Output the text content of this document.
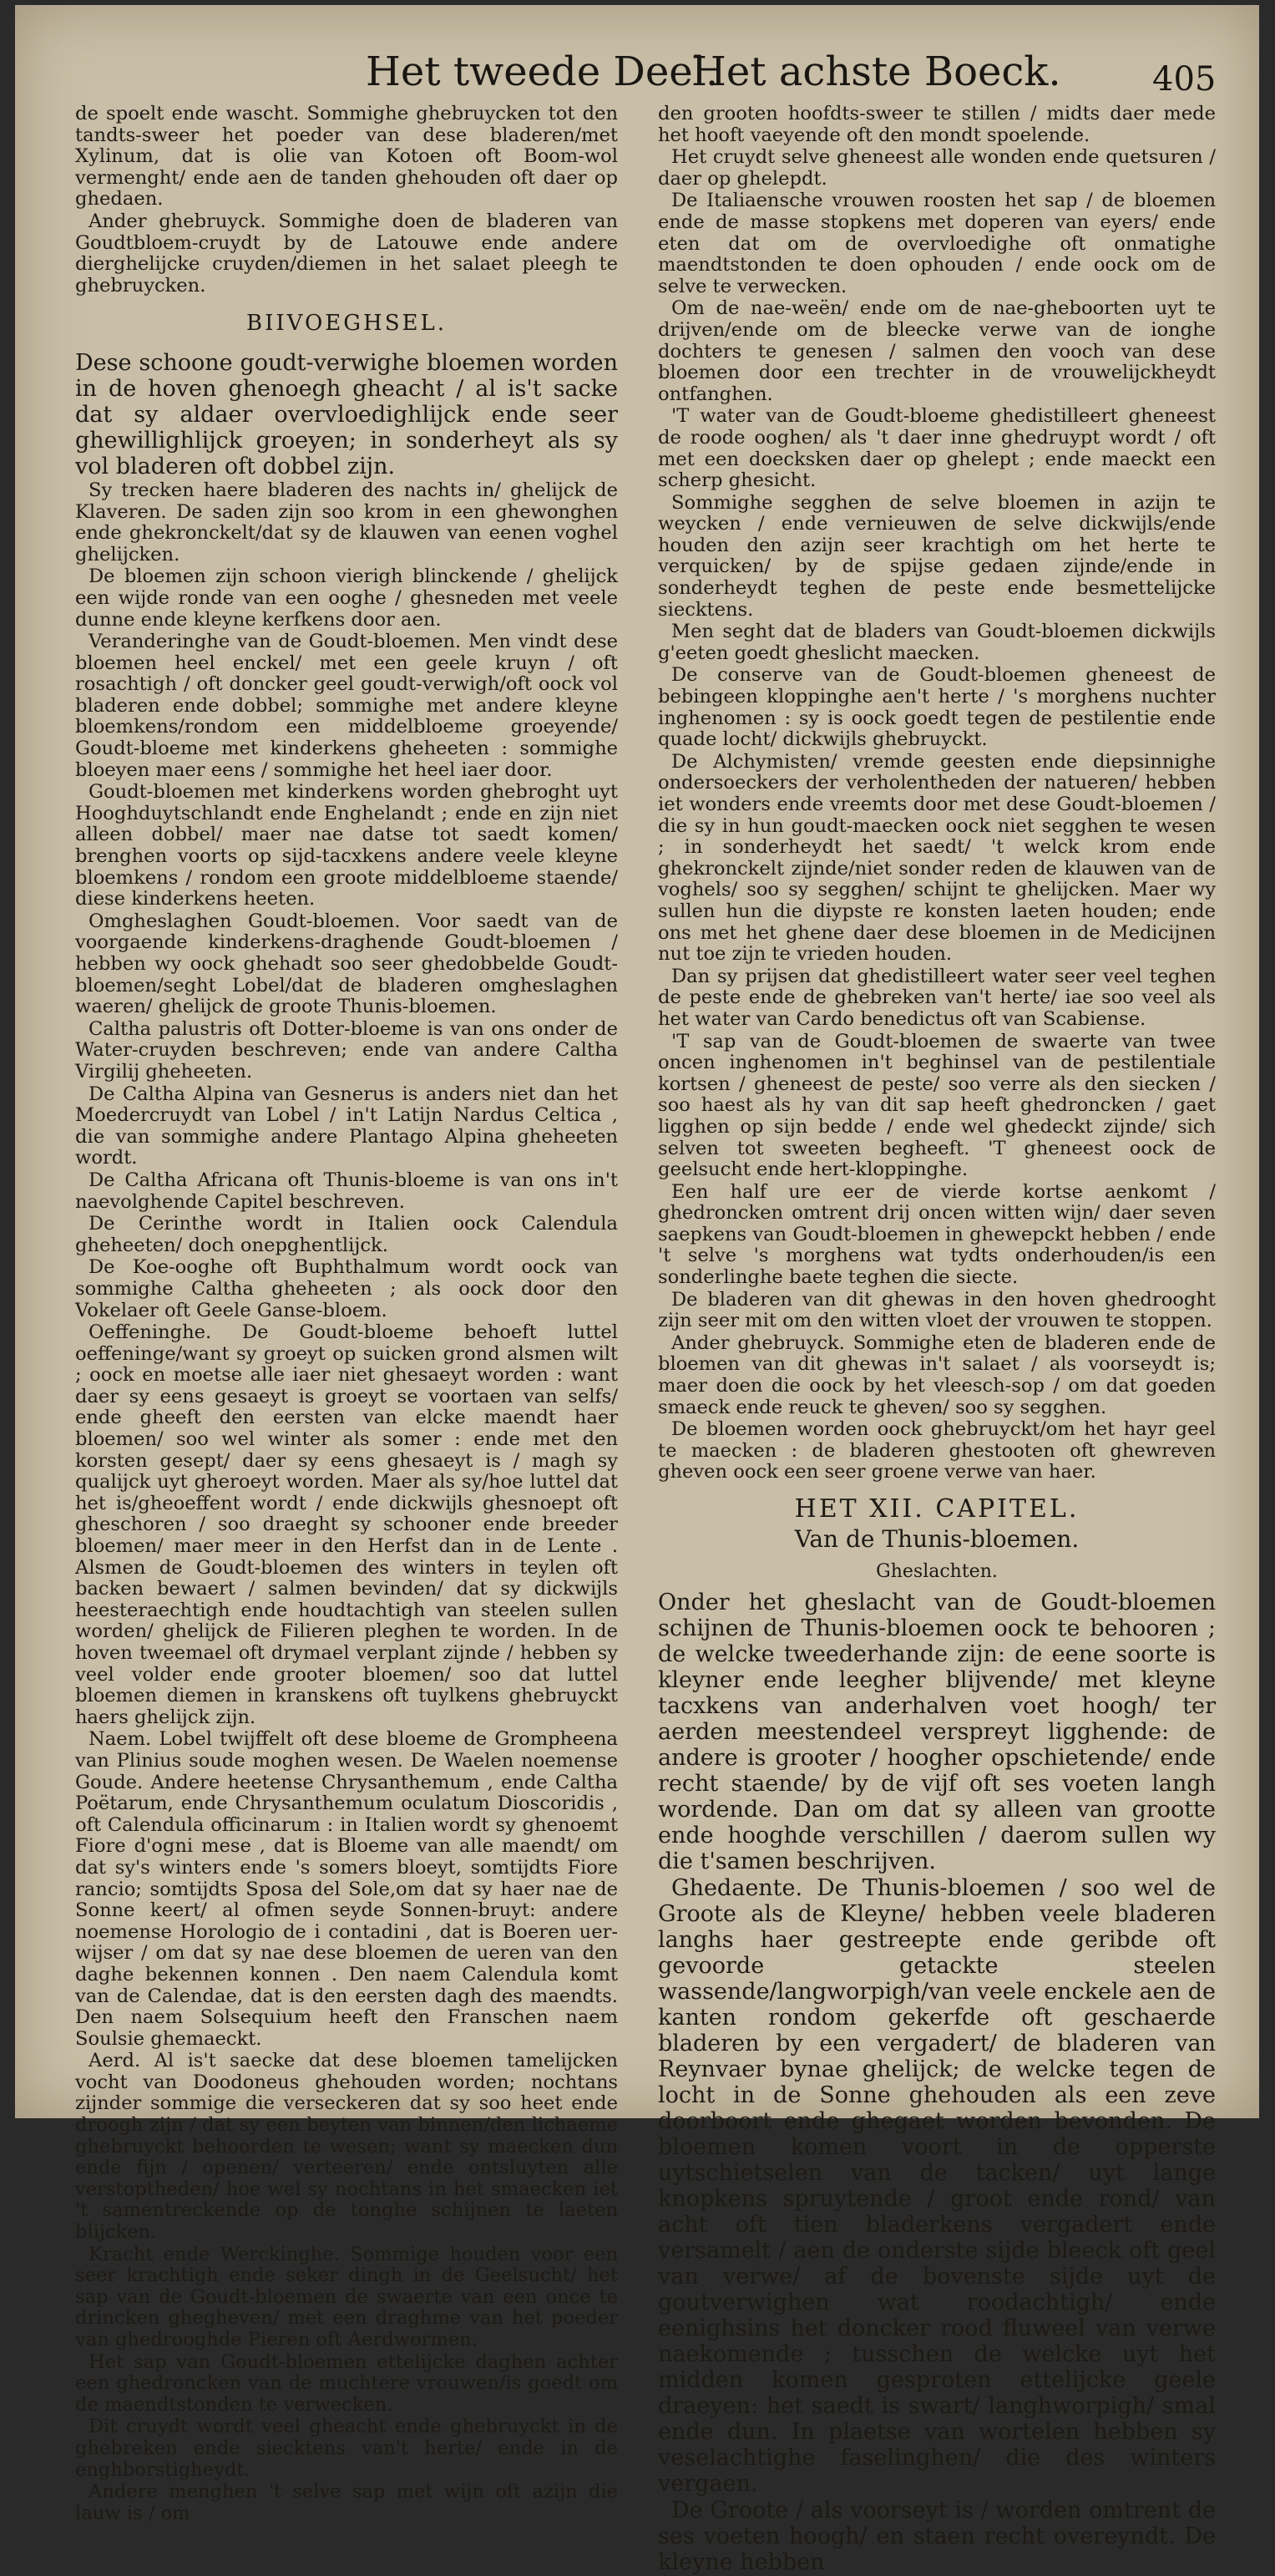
Het tweede Deel.
Het achste Boeck.	405

de spoelt ende wascht. Sommighe ghebruycken tot den tandts-sweer het poeder van dese bladeren/met Xylinum, dat is olie van Kotoen oft Boom-wol vermenght/ ende aen de tanden ghehouden oft daer op ghedaen.

Ander ghebruyck. Sommighe doen de bladeren van Goudtbloem-cruydt by de Latouwe ende andere dierghelijcke cruyden/diemen in het salaet pleegh te ghebruycken.

BIIVOEGHSEL.

Dese schoone goudt-verwighe bloemen worden in de hoven ghenoegh gheacht / al is't sacke dat sy aldaer overvloedighlijck ende seer ghewillighlijck groeyen; in sonderheyt als sy vol bladeren oft dobbel zijn.

Sy trecken haere bladeren des nachts in/ ghelijck de Klaveren. De saden zijn soo krom in een ghewonghen ende ghekronckelt/dat sy de klauwen van eenen voghel ghelijcken.

De bloemen zijn schoon vierigh blinckende / ghelijck een wijde ronde van een ooghe / ghesneden met veele dunne ende kleyne kerfkens door aen.

Veranderinghe van de Goudt-bloemen. Men vindt dese bloemen heel enckel/ met een geele kruyn / oft rosachtigh / oft doncker geel goudt-verwigh/oft oock vol bladeren ende dobbel; sommighe met andere kleyne bloemkens/rondom een middelbloeme groeyende/ Goudt-bloeme met kinderkens gheheeten : sommighe bloeyen maer eens / sommighe het heel iaer door.

Goudt-bloemen met kinderkens worden ghebroght uyt Hooghduytschlandt ende Enghelandt ; ende en zijn niet alleen dobbel/ maer nae datse tot saedt komen/ brenghen voorts op sijd-tacxkens andere veele kleyne bloemkens / rondom een groote middelbloeme staende/ diese kinderkens heeten.

Omgheslaghen Goudt-bloemen. Voor saedt van de voorgaende kinderkens-draghende Goudt-bloemen / hebben wy oock ghehadt soo seer ghedobbelde Goudt-bloemen/seght Lobel/dat de bladeren omgheslaghen waeren/ ghelijck de groote Thunis-bloemen.

Caltha palustris oft Dotter-bloeme is van ons onder de Water-cruyden beschreven; ende van andere Caltha Virgilij gheheeten.

De Caltha Alpina van Gesnerus is anders niet dan het Moedercruydt van Lobel / in't Latijn Nardus Celtica , die van sommighe andere Plantago Alpina gheheeten wordt.

De Caltha Africana oft Thunis-bloeme is van ons in't naevolghende Capitel beschreven.

De Cerinthe wordt in Italien oock Calendula gheheeten/ doch onepghentlijck.

De Koe-ooghe oft Buphthalmum wordt oock van sommighe Caltha gheheeten ; als oock door den Vokelaer oft Geele Ganse-bloem.

Oeffeninghe. De Goudt-bloeme behoeft luttel oeffeninge/want sy groeyt op suicken grond alsmen wilt ; oock en moetse alle iaer niet ghesaeyt worden : want daer sy eens gesaeyt is groeyt se voortaen van selfs/ ende gheeft den eersten van elcke maendt haer bloemen/ soo wel winter als somer : ende met den korsten gesept/ daer sy eens ghesaeyt is / magh sy qualijck uyt gheroeyt worden. Maer als sy/hoe luttel dat het is/gheoeffent wordt / ende dickwijls ghesnoept oft gheschoren / soo draeght sy schooner ende breeder bloemen/ maer meer in den Herfst dan in de Lente . Alsmen de Goudt-bloemen des winters in teylen oft backen bewaert / salmen bevinden/ dat sy dickwijls heesteraechtigh ende houdtachtigh van steelen sullen worden/ ghelijck de Filieren pleghen te worden. In de hoven tweemael oft drymael verplant zijnde / hebben sy veel volder ende grooter bloemen/ soo dat luttel bloemen diemen in kranskens oft tuylkens ghebruyckt haers ghelijck zijn.

Naem. Lobel twijffelt oft dese bloeme de Grompheena van Plinius soude moghen wesen. De Waelen noemense Goude. Andere heetense Chrysanthemum , ende Caltha Poëtarum, ende Chrysanthemum oculatum Dioscoridis , oft Calendula officinarum : in Italien wordt sy ghenoemt Fiore d'ogni mese , dat is Bloeme van alle maendt/ om dat sy's winters ende 's somers bloeyt, somtijdts Fiore rancio; somtijdts Sposa del Sole,om dat sy haer nae de Sonne keert/ al ofmen seyde Sonnen-bruyt: andere noemense Horologio de i contadini , dat is Boeren uer-wijser / om dat sy nae dese bloemen de ueren van den daghe bekennen konnen . Den naem Calendula komt van de Calendae, dat is den eersten dagh des maendts. Den naem Solsequium heeft den Franschen naem Soulsie ghemaeckt.

Aerd. Al is't saecke dat dese bloemen tamelijcken vocht van Doodoneus ghehouden worden; nochtans zijnder sommige die verseckeren dat sy soo heet ende droogh zijn / dat sy een beyten van binnen/den lichaeme ghebruyckt behoorden te wesen; want sy maecken dun ende fijn / openen/ verteeren/ ende ontsluyten alle verstoptheden/ hoe wel sy nochtans in het smaecken iet 't samentreckende op de tonghe schijnen te laeten blijcken.

Kracht ende Werckinghe. Sommige houden voor een seer krachtigh ende seker dingh in de Geelsucht/ het sap van de Goudt-bloemen de swaerte van een once te drincken ghegheven/ met een draghme van het poeder van ghedrooghde Pieren oft Aerdwormen.

Het sap van Goudt-bloemen ettelijcke daghen achter een ghedroncken van de muchtere vrouwen/is goedt om de maendtstonden te verwecken.

Dit cruydt wordt veel gheacht ende ghebruyckt in de ghebreken ende siecktens van't herte/ ende in de enghborstigheydt.

Andere menghen 't selve sap met wijn oft azijn die lauw is / om

den grooten hoofdts-sweer te stillen / midts daer mede het hooft vaeyende oft den mondt spoelende.

Het cruydt selve gheneest alle wonden ende quetsuren / daer op ghelepdt.

De Italiaensche vrouwen roosten het sap / de bloemen ende de masse stopkens met doperen van eyers/ ende eten dat om de overvloedighe oft onmatighe maendtstonden te doen ophouden / ende oock om de selve te verwecken.

Om de nae-weën/ ende om de nae-gheboorten uyt te drijven/ende om de bleecke verwe van de ionghe dochters te genesen / salmen den vooch van dese bloemen door een trechter in de vrouwelijckheydt ontfanghen.

'T water van de Goudt-bloeme ghedistilleert gheneest de roode ooghen/ als 't daer inne ghedruypt wordt / oft met een doecksken daer op ghelept ; ende maeckt een scherp ghesicht.

Sommighe segghen de selve bloemen in azijn te weycken / ende vernieuwen de selve dickwijls/ende houden den azijn seer krachtigh om het herte te verquicken/ by de spijse gedaen zijnde/ende in sonderheydt teghen de peste ende besmettelijcke siecktens.

Men seght dat de bladers van Goudt-bloemen dickwijls g'eeten goedt gheslicht maecken.

De conserve van de Goudt-bloemen gheneest de bebingeen kloppinghe aen't herte / 's morghens nuchter inghenomen : sy is oock goedt tegen de pestilentie ende quade locht/ dickwijls ghebruyckt.

De Alchymisten/ vremde geesten ende diepsinnighe ondersoeckers der verholentheden der natueren/ hebben iet wonders ende vreemts door met dese Goudt-bloemen / die sy in hun goudt-maecken oock niet segghen te wesen ; in sonderheydt het saedt/ 't welck krom ende ghekronckelt zijnde/niet sonder reden de klauwen van de voghels/ soo sy segghen/ schijnt te ghelijcken. Maer wy sullen hun die diypste re konsten laeten houden; ende ons met het ghene daer dese bloemen in de Medicijnen nut toe zijn te vrieden houden.

Dan sy prijsen dat ghedistilleert water seer veel teghen de peste ende de ghebreken van't herte/ iae soo veel als het water van Cardo benedictus oft van Scabiense.

'T sap van de Goudt-bloemen de swaerte van twee oncen inghenomen in't beghinsel van de pestilentiale kortsen / gheneest de peste/ soo verre als den siecken / soo haest als hy van dit sap heeft ghedroncken / gaet ligghen op sijn bedde / ende wel ghedeckt zijnde/ sich selven tot sweeten begheeft. 'T gheneest oock de geelsucht ende hert-kloppinghe.

Een half ure eer de vierde kortse aenkomt / ghedroncken omtrent drij oncen witten wijn/ daer seven saepkens van Goudt-bloemen in ghewepckt hebben / ende 't selve 's morghens wat tydts onderhouden/is een sonderlinghe baete teghen die siecte.

De bladeren van dit ghewas in den hoven ghedrooght zijn seer mit om den witten vloet der vrouwen te stoppen.

Ander ghebruyck. Sommighe eten de bladeren ende de bloemen van dit ghewas in't salaet / als voorseydt is; maer doen die oock by het vleesch-sop / om dat goeden smaeck ende reuck te gheven/ soo sy segghen.

De bloemen worden oock ghebruyckt/om het hayr geel te maecken : de bladeren ghestooten oft ghewreven gheven oock een seer groene verwe van haer.

HET XII. CAPITEL.
Van de Thunis-bloemen.
Gheslachten.

Onder het gheslacht van de Goudt-bloemen schijnen de Thunis-bloemen oock te behooren ; de welcke tweederhande zijn: de eene soorte is kleyner ende leegher blijvende/ met kleyne tacxkens van anderhalven voet hoogh/ ter aerden meestendeel verspreyt ligghende: de andere is grooter / hoogher opschietende/ ende recht staende/ by de vijf oft ses voeten langh wordende. Dan om dat sy alleen van grootte ende hooghde verschillen / daerom sullen wy die t'samen beschrijven.

Ghedaente. De Thunis-bloemen / soo wel de Groote als de Kleyne/ hebben veele bladeren langhs haer gestreepte ende geribde oft gevoorde getackte steelen wassende/langworpigh/van veele enckele aen de kanten rondom gekerfde oft geschaerde bladeren by een vergadert/ de bladeren van Reynvaer bynae ghelijck; de welcke tegen de locht in de Sonne ghehouden als een zeve doorboort ende ghegaet worden bevonden. De bloemen komen voort in de opperste uytschietselen van de tacken/ uyt lange knopkens spruytende / groot ende rond/ van acht oft tien bladerkens vergadert ende versamelt / aen de onderste sijde bleeck oft geel van verwe/ af de bovenste sijde uyt de goutverwighen wat roodachtigh/ ende eenighsins het doncker rood fluweel van verwe naekomende ; tusschen de welcke uyt het midden komen gesproten ettelijcke geele draeyen: het saedt is swart/ langhworpigh/ smal ende dun. In plaetse van wortelen hebben sy veselachtighe faselinghen/ die des winters vergaen.

De Groote / als voorseyt is / worden omtrent de ses voeten hoogh/ en staen recht overeyndt. De kleyne hebben
